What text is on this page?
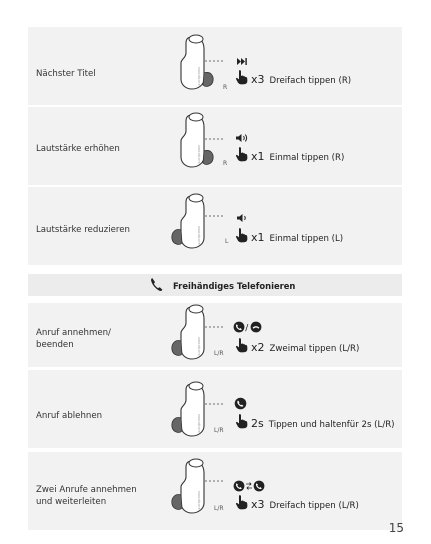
Freihändiges Telefonieren
Nächster Titel
Lautstärke erhöhen
Lautstärke reduzieren
Anruf annehmen/
beenden
Anruf ablehnen
Zwei Anrufe annehmen
und weiterleiten
soundcore
R
soundcore	R
soundcore	L
soundcore L/R
soundcore L/R
soundcore L/R
/
x3 Dreifach tippen (R)
x1 Einmal tippen (R)
x1 Einmal tippen (L)
x2 Zweimal tippen (L/R)
2s Tippen und haltenfür 2s (L/R)
x3 Dreifach tippen (L/R)
15
